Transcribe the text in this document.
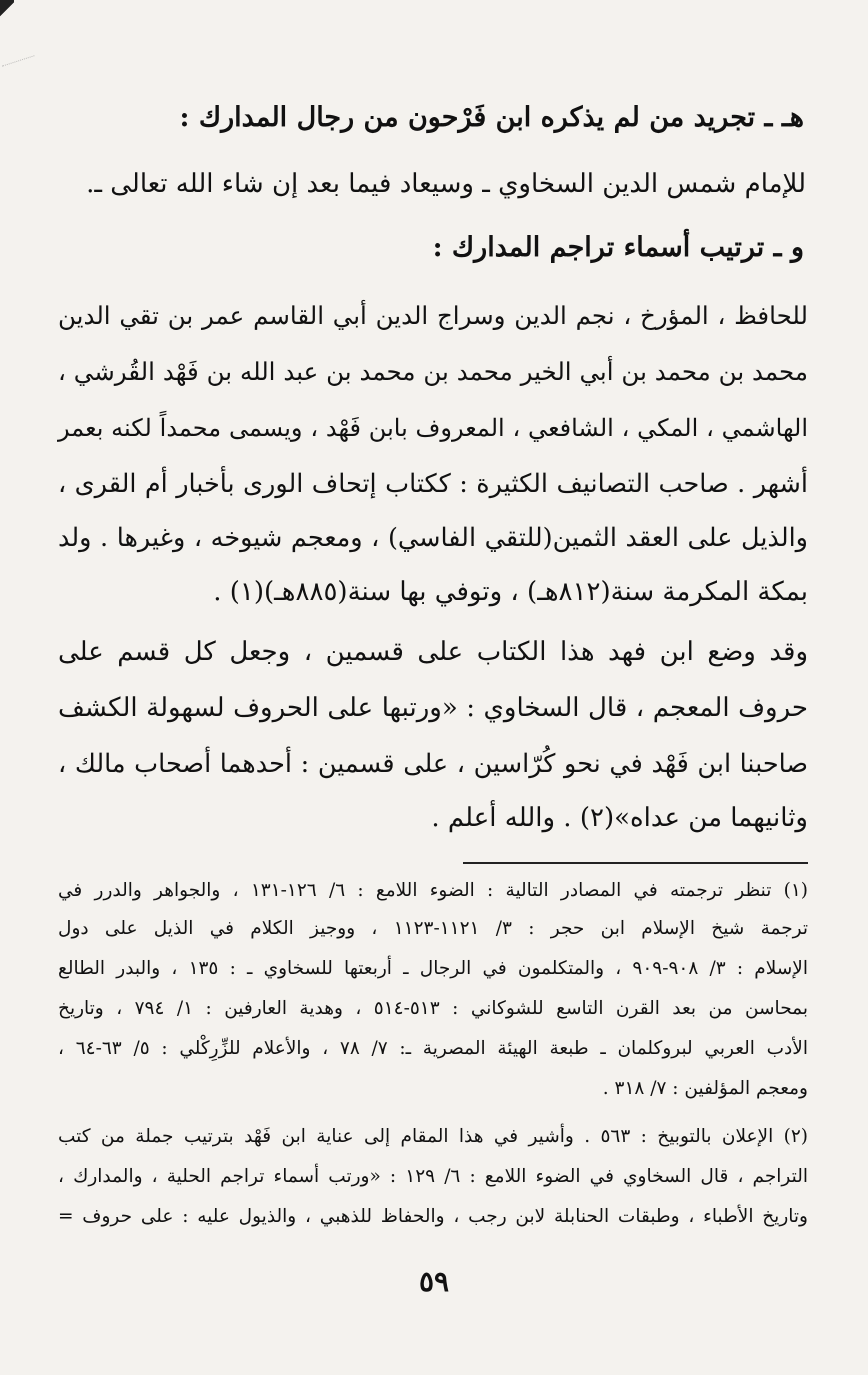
هـ ـ تجريد من لم يذكره ابن فَرْحون من رجال المدارك :
للإمام شمس الدين السخاوي ـ وسيعاد فيما بعد إن شاء الله تعالى ـ.
و ـ ترتيب أسماء تراجم المدارك :
للحافظ ، المؤرخ ، نجم الدين وسراج الدين أبي القاسم عمر بن تقي الدين
محمد بن محمد بن أبي الخير محمد بن محمد بن عبد الله بن فَهْد القُرشي ،
الهاشمي ، المكي ، الشافعي ، المعروف بابن فَهْد ، ويسمى محمداً لكنه بعمر
أشهر . صاحب التصانيف الكثيرة : ككتاب إتحاف الورى بأخبار أم القرى ،
والذيل على العقد الثمين(للتقي الفاسي) ، ومعجم شيوخه ، وغيرها . ولد
بمكة المكرمة سنة(٨١٢هـ) ، وتوفي بها سنة(٨٨٥هـ)(١) .
وقد وضع ابن فهد هذا الكتاب على قسمين ، وجعل كل قسم على
حروف المعجم ، قال السخاوي : «ورتبها على الحروف لسهولة الكشف
صاحبنا ابن فَهْد في نحو كُرّاسين ، على قسمين : أحدهما أصحاب مالك ،
وثانيهما من عداه»(٢) . والله أعلم .
(١) تنظر ترجمته في المصادر التالية : الضوء اللامع : ٦/ ١٢٦-١٣١ ، والجواهر والدرر في
ترجمة شيخ الإسلام ابن حجر : ٣/ ١١٢١-١١٢٣ ، ووجيز الكلام في الذيل على دول
الإسلام : ٣/ ٩٠٨-٩٠٩ ، والمتكلمون في الرجال ـ أربعتها للسخاوي ـ : ١٣٥ ، والبدر الطالع
بمحاسن من بعد القرن التاسع للشوكاني : ٥١٣-٥١٤ ، وهدية العارفين : ١/ ٧٩٤ ، وتاريخ
الأدب العربي لبروكلمان ـ طبعة الهيئة المصرية ـ: ٧/ ٧٨ ، والأعلام للزِّرِكْلي : ٥/ ٦٣-٦٤ ،
ومعجم المؤلفين : ٧/ ٣١٨ .
(٢) الإعلان بالتوبيخ : ٥٦٣ . وأشير في هذا المقام إلى عناية ابن فَهْد بترتيب جملة من كتب
التراجم ، قال السخاوي في الضوء اللامع : ٦/ ١٢٩ : «ورتب أسماء تراجم الحلية ، والمدارك ،
وتاريخ الأطباء ، وطبقات الحنابلة لابن رجب ، والحفاظ للذهبي ، والذيول عليه : على حروف =
٥٩
